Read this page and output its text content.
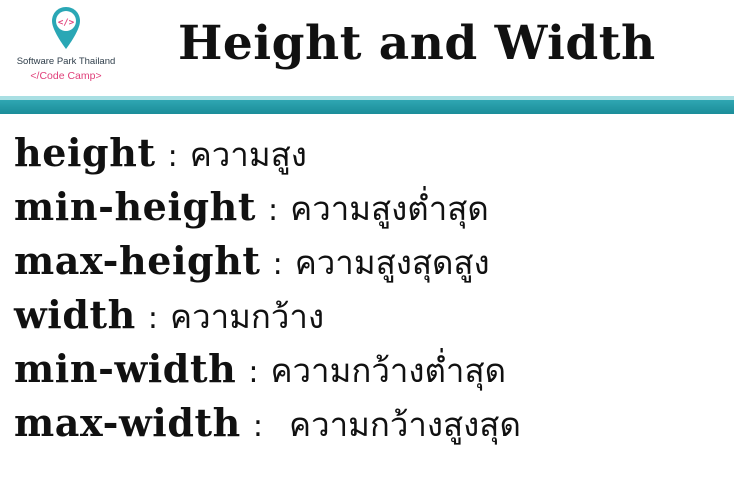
</>
Software Park Thailand
</Code Camp>
Height and Width
height : ความสูง
min-height : ความสูงต่ำสุด
max-height : ความสูงสุดสูง
width : ความกว้าง
min-width : ความกว้างต่ำสุด
max-width : ความกว้างสูงสุด
